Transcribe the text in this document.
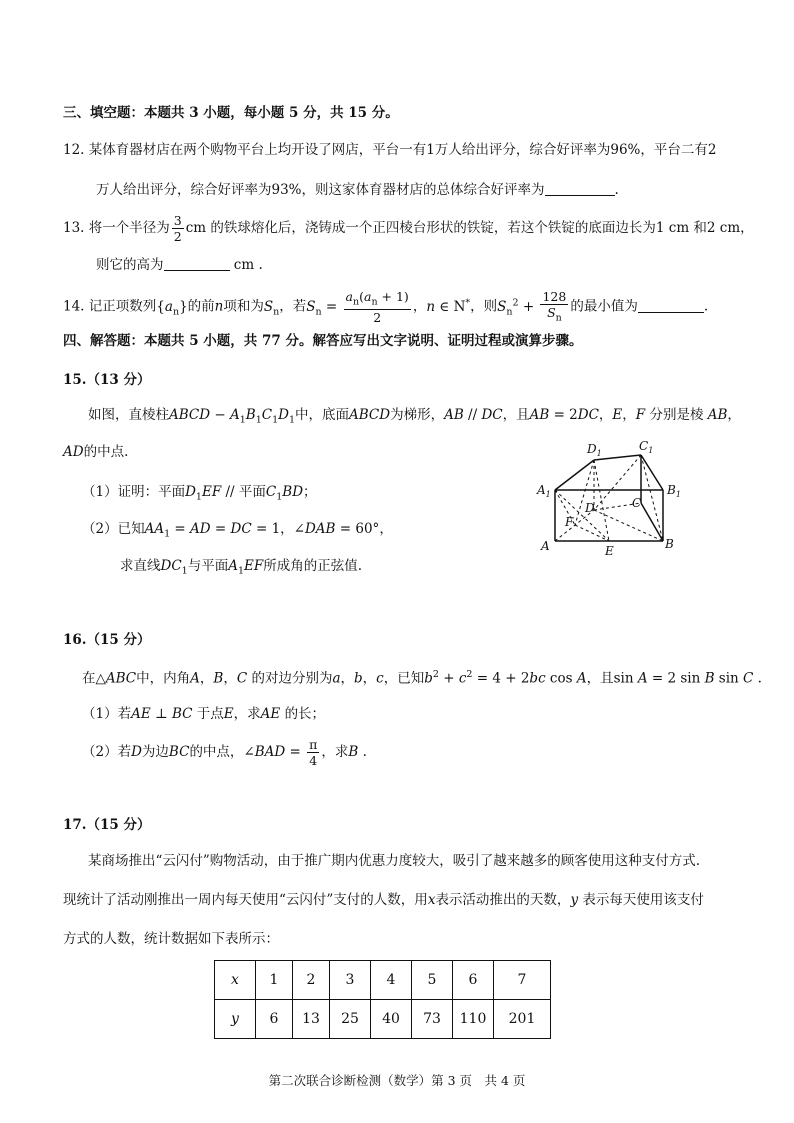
三、填空题：本题共 3 小题，每小题 5 分，共 15 分。
12. 某体育器材店在两个购物平台上均开设了网店，平台一有1万人给出评分，综合好评率为96%，平台二有2
万人给出评分，综合好评率为93%，则这家体育器材店的总体综合好评率为	.
13. 将一个半径为 $\frac{3}{2}$ cm 的铁球熔化后，浇铸成一个正四棱台形状的铁锭，若这个铁锭的底面边长为1 cm 和2 cm，
则它的高为	cm .
14. 记正项数列$\{a_n\}$的前n项和为$S_n$，若$S_n = \frac{a_n(a_n + 1)}{2}$ ，n ∈ N*，则$S_n^2 + \frac{128}{S_n}$ 的最小值为	.
四、解答题：本题共 5 小题，共 77 分。解答应写出文字说明、证明过程或演算步骤。
15.（13 分）
如图，直棱柱ABCD − $A_1B_1C_1D_1$中，底面ABCD为梯形，AB // DC，且AB = 2DC，E，F 分别是棱 AB，
AD的中点.
（1）证明：平面$D_1EF$ // 平面$C_1BD$；
（2）已知$AA_1$ = AD = DC = 1，∠DAB = 60°，
求直线$DC_1$与平面$A_1EF$所成角的正弦值.
$D_1$
$C_1$
$A_1$	$B_1$
C
D
F
A	E	B
16.（15 分）
在△ABC中，内角A，B，C 的对边分别为a，b，c，已知$b^2 + c^2 = 4 + 2bc$ cos A，且sin A = 2 sin B sin C .
（1）若AE ⊥ BC 于点E，求AE 的长；
（2）若D为边BC的中点，∠BAD = $\frac{\pi}{4}$ ，求B .
17.（15 分）
某商场推出“云闪付”购物活动，由于推广期内优惠力度较大，吸引了越来越多的顾客使用这种支付方式.
现统计了活动刚推出一周内每天使用“云闪付”支付的人数，用x表示活动推出的天数，y 表示每天使用该支付
方式的人数，统计数据如下表所示：
x	1	2	3	4	5	6	7
y	6	13	25	40	73	110	201
第二次联合诊断检测（数学）第 3 页　共 4 页
